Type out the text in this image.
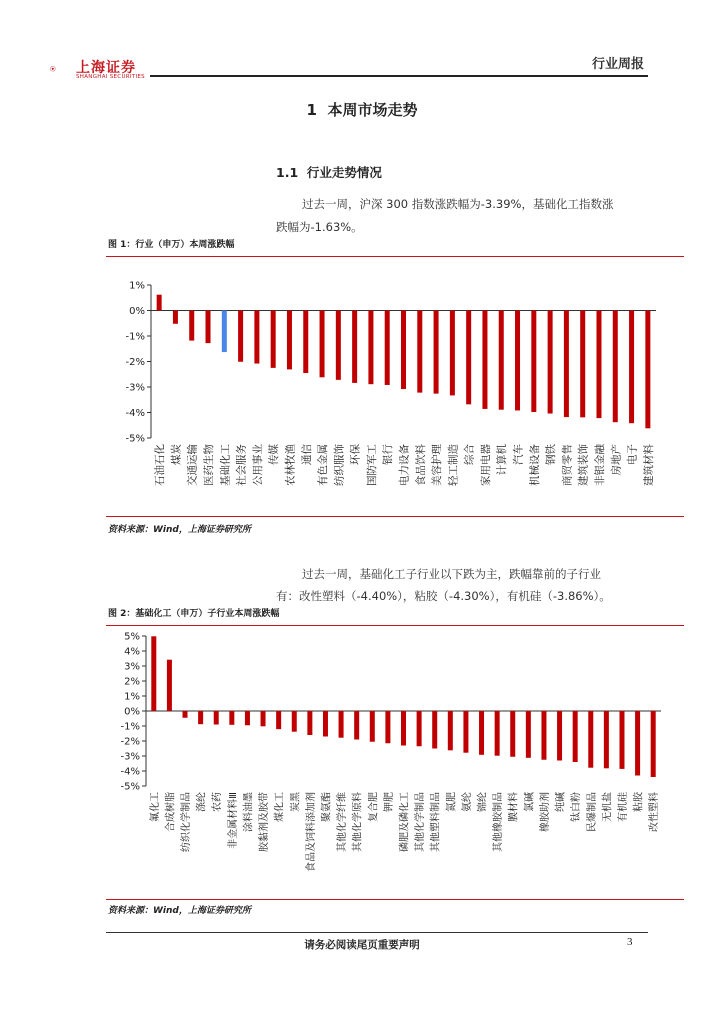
上海证券
SHANGHAI SECURITIES
行业周报
1 本周市场走势
1.1 行业走势情况
过去一周，沪深 300 指数涨跌幅为-3.39%，基础化工指数涨
跌幅为-1.63%。
图 1：行业（申万）本周涨跌幅
1%
0%
-1%
-2%
-3%
-4%
-5%
石油石化 煤炭 交通运输 医药生物 基础化工 社会服务 公用事业 传媒 农林牧渔 通信 有色金属 纺织服饰 环保 国防军工 银行 电力设备 食品饮料 美容护理 轻工制造 综合 家用电器 计算机 汽车 机械设备 钢铁 商贸零售 建筑装饰 非银金融 房地产 电子 建筑材料
资料来源：Wind，上海证券研究所
过去一周，基础化工子行业以下跌为主，跌幅靠前的子行业
有：改性塑料（-4.40%），粘胶（-4.30%），有机硅（-3.86%）。
图 2：基础化工（申万）子行业本周涨跌幅
5%
4%
3%
2%
1%
0%
-1%
-2%
-3%
-4%
-5%
氟化工 合成树脂 纺织化学制品 涤纶 农药 非金属材料Ⅲ 涂料油墨 胶黏剂及胶带 煤化工 炭黑 食品及饲料添加剂 聚氨酯 其他化学纤维 其他化学原料 复合肥 钾肥 磷肥及磷化工 其他化学制品 其他塑料制品 氮肥 氨纶 锦纶 其他橡胶制品 膜材料 氯碱 橡胶助剂 纯碱 钛白粉 民爆制品 无机盐 有机硅 粘胶 改性塑料
资料来源：Wind，上海证券研究所
请务必阅读尾页重要声明	3
